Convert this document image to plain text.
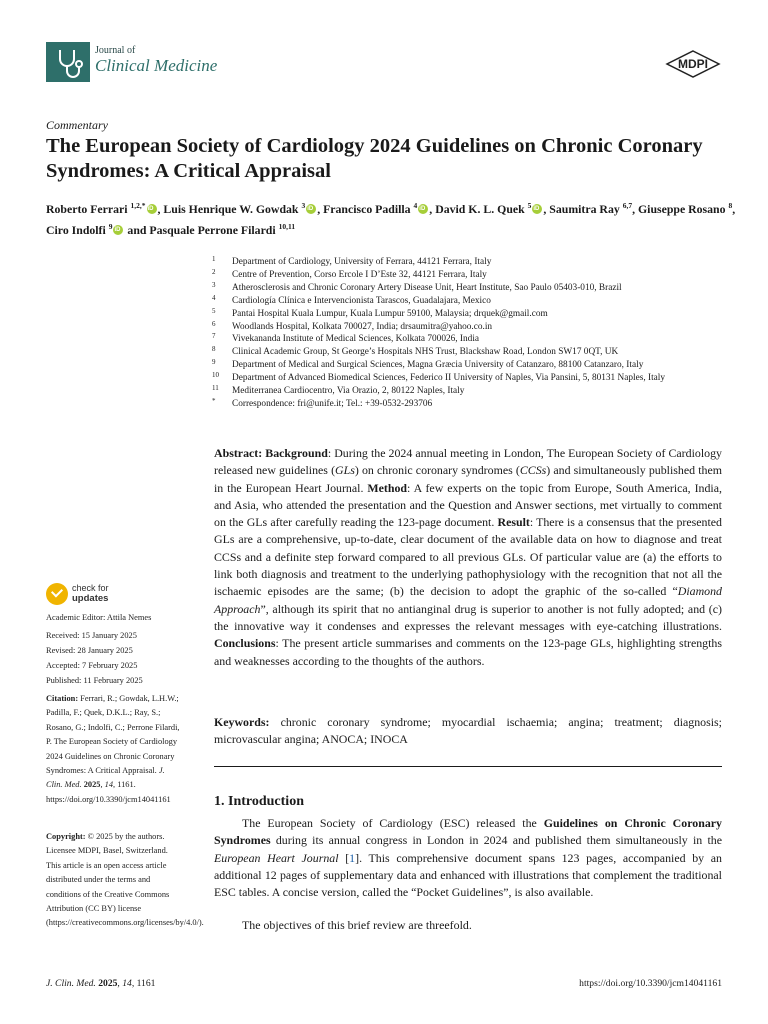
Journal of
Clinical Medicine	MDPI
Commentary
The European Society of Cardiology 2024 Guidelines on Chronic Coronary Syndromes: A Critical Appraisal
Roberto Ferrari $^{1,2,*}$ iD , Luis Henrique W. Gowdak $^3$ iD , Francisco Padilla $^4$ iD , David K. L. Quek $^5$ iD , Saumitra Ray $^{6,7}$, Giuseppe Rosano $^8$, Ciro Indolfi $^9$iD and Pasquale Perrone Filardi $^{10,11}$
1 Department of Cardiology, University of Ferrara, 44121 Ferrara, Italy
2 Centre of Prevention, Corso Ercole I D’Este 32, 44121 Ferrara, Italy
3 Atherosclerosis and Chronic Coronary Artery Disease Unit, Heart Institute, Sao Paulo 05403-010, Brazil
4 Cardiología Clínica e Intervencionista Tarascos, Guadalajara, Mexico
5 Pantai Hospital Kuala Lumpur, Kuala Lumpur 59100, Malaysia; drquek@gmail.com
6 Woodlands Hospital, Kolkata 700027, India; drsaumitra@yahoo.co.in
7 Vivekananda Institute of Medical Sciences, Kolkata 700026, India
8 Clinical Academic Group, St George’s Hospitals NHS Trust, Blackshaw Road, London SW17 0QT, UK
9 Department of Medical and Surgical Sciences, Magna Græcia University of Catanzaro, 88100 Catanzaro, Italy
10 Department of Advanced Biomedical Sciences, Federico II University of Naples, Via Pansini, 5, 80131 Naples, Italy
11 Mediterranea Cardiocentro, Via Orazio, 2, 80122 Naples, Italy
* Correspondence: fri@unife.it; Tel.: +39-0532-293706
Abstract: Background: During the 2024 annual meeting in London, The European Society of Cardiology released new guidelines (GLs) on chronic coronary syndromes (CCSs) and simultaneously published them in the European Heart Journal. Method: A few experts on the topic from Europe, South America, India, and Asia, who attended the presentation and the Question and Answer sections, met virtually to comment on the GLs after carefully reading the 123-page document. Result: There is a consensus that the presented GLs are a comprehensive, up-to-date, clear document of the available data on how to diagnose and treat CCSs and a definite step forward compared to all previous GLs. Of particular value are (a) the efforts to link both diagnosis and treatment to the underlying pathophysiology with the recognition that not all the ischaemic episodes are the same; (b) the decision to adopt the graphic of the so-called “Diamond Approach”, although its spirit that no antianginal drug is superior to another is not fully adopted; and (c) the innovative way it condenses and expresses the relevant messages with eye-catching illustrations. Conclusions: The present article summarises and comments on the 123-page GLs, highlighting strengths and weaknesses according to the thoughts of the authors.
Keywords: chronic coronary syndrome; myocardial ischaemia; angina; treatment; diagnosis; microvascular angina; ANOCA; INOCA
1. Introduction

The European Society of Cardiology (ESC) released the Guidelines on Chronic Coronary Syndromes during its annual congress in London in 2024 and published them simultaneously in the European Heart Journal [1]. This comprehensive document spans 123 pages, accompanied by an additional 12 pages of supplementary data and enhanced with illustrations that complement the traditional ESC tables. A concise version, called the “Pocket Guidelines”, is also available.

The objectives of this brief review are threefold.

check for
updates
Academic Editor: Attila Nemes
Received: 15 January 2025
Revised: 28 January 2025
Accepted: 7 February 2025
Published: 11 February 2025
Citation: Ferrari, R.; Gowdak, L.H.W.; Padilla, F.; Quek, D.K.L.; Ray, S.; Rosano, G.; Indolfi, C.; Perrone Filardi, P. The European Society of Cardiology 2024 Guidelines on Chronic Coronary Syndromes: A Critical Appraisal. J. Clin. Med. 2025, 14, 1161. https://doi.org/10.3390/jcm14041161
Copyright: © 2025 by the authors. Licensee MDPI, Basel, Switzerland. This article is an open access article distributed under the terms and conditions of the Creative Commons Attribution (CC BY) license (https://creativecommons.org/licenses/by/4.0/).
J. Clin. Med. 2025, 14, 1161	https://doi.org/10.3390/jcm14041161
